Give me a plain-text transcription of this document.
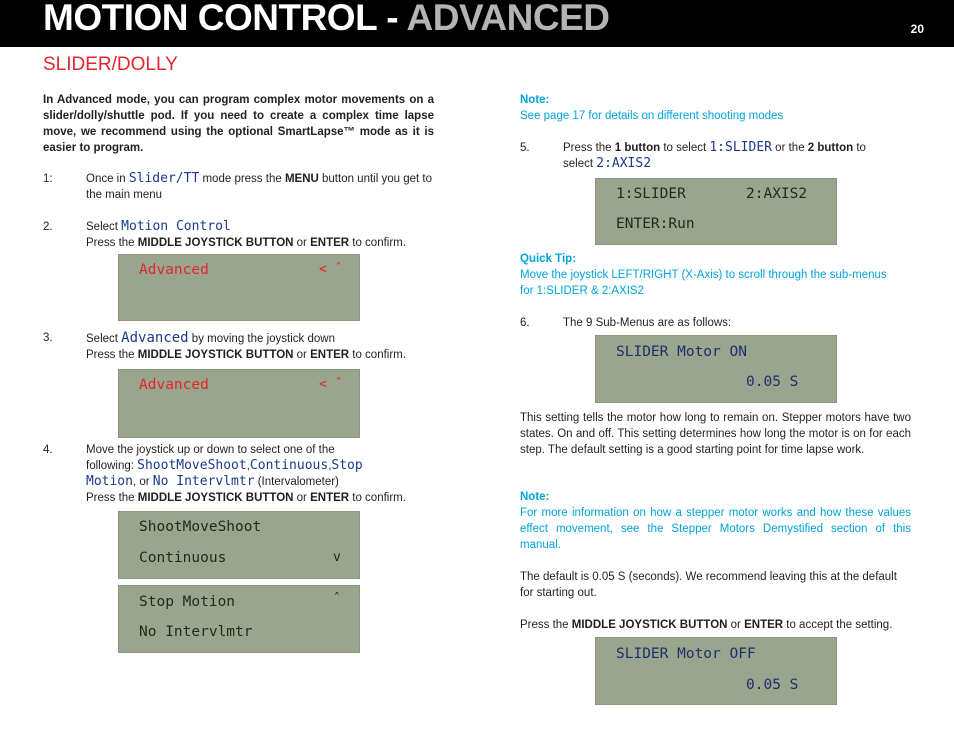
MOTION CONTROL - ADVANCED	20
SLIDER/DOLLY
In Advanced mode, you can program complex motor movements on a slider/dolly/shuttle pod. If you need to create a complex time lapse move, we recommend using the optional SmartLapse™ mode as it is easier to program.
1:	Once in Slider/TT mode press the MENU button until you get to the main menu
2.	Select Motion Control
Press the MIDDLE JOYSTICK BUTTON or ENTER to confirm.
Advanced	< ˆ
3.	Select Advanced by moving the joystick down
Press the MIDDLE JOYSTICK BUTTON or ENTER to confirm.
Advanced	< ˆ
4.	Move the joystick up or down to select one of the
following: ShootMoveShoot,Continuous,Stop
Motion, or No Intervlmtr (Intervalometer)
Press the MIDDLE JOYSTICK BUTTON or ENTER to confirm.
ShootMoveShoot
Continuous	v
Stop Motion
No Intervlmtr
ˆ
Note:
See page 17 for details on different shooting modes
5.	Press the 1 button to select 1:SLIDER or the 2 button to
select 2:AXIS2
1:SLIDER	2:AXIS2
ENTER:Run
Quick Tip:
Move the joystick LEFT/RIGHT (X-Axis) to scroll through the sub-menus
for 1:SLIDER & 2:AXIS2
6.	The 9 Sub-Menus are as follows:
SLIDER Motor ON
0.05 S
This setting tells the motor how long to remain on. Stepper motors have two states. On and off. This setting determines how long the motor is on for each step. The default setting is a good starting point for time lapse work.
Note:
For more information on how a stepper motor works and how these values effect movement, see the Stepper Motors Demystified section of this manual.
The default is 0.05 S (seconds). We recommend leaving this at the default for starting out.
Press the MIDDLE JOYSTICK BUTTON or ENTER to accept the setting.
SLIDER Motor OFF
0.05 S
